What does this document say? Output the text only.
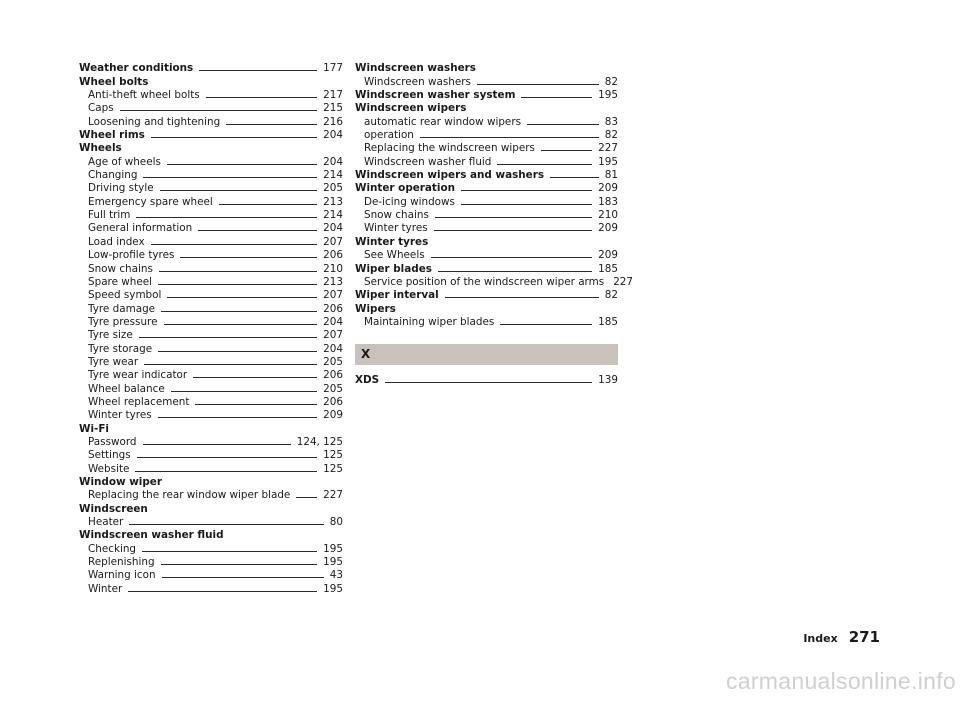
Weather conditions	177
Wheel bolts
Anti-theft wheel bolts	217
Caps	215
Loosening and tightening	216
Wheel rims	204
Wheels
Age of wheels	204
Changing	214
Driving style	205
Emergency spare wheel	213
Full trim	214
General information	204
Load index	207
Low-profile tyres	206
Snow chains	210
Spare wheel	213
Speed symbol	207
Tyre damage	206
Tyre pressure	204
Tyre size	207
Tyre storage	204
Tyre wear	205
Tyre wear indicator	206
Wheel balance	205
Wheel replacement	206
Winter tyres	209
Wi-Fi
Password	124, 125
Settings	125
Website	125
Window wiper
Replacing the rear window wiper blade	227
Windscreen
Heater	80
Windscreen washer fluid
Checking	195
Replenishing	195
Warning icon	43
Winter	195
Windscreen washers
Windscreen washers	82
Windscreen washer system	195
Windscreen wipers
automatic rear window wipers	83
operation	82
Replacing the windscreen wipers	227
Windscreen washer fluid	195
Windscreen wipers and washers	81
Winter operation	209
De-icing windows	183
Snow chains	210
Winter tyres	209
Winter tyres
See Wheels	209
Wiper blades	185
Service position of the windscreen wiper arms 227
Wiper interval	82
Wipers
Maintaining wiper blades	185
X
XDS	139
Index 271
carmanualsonline.info
